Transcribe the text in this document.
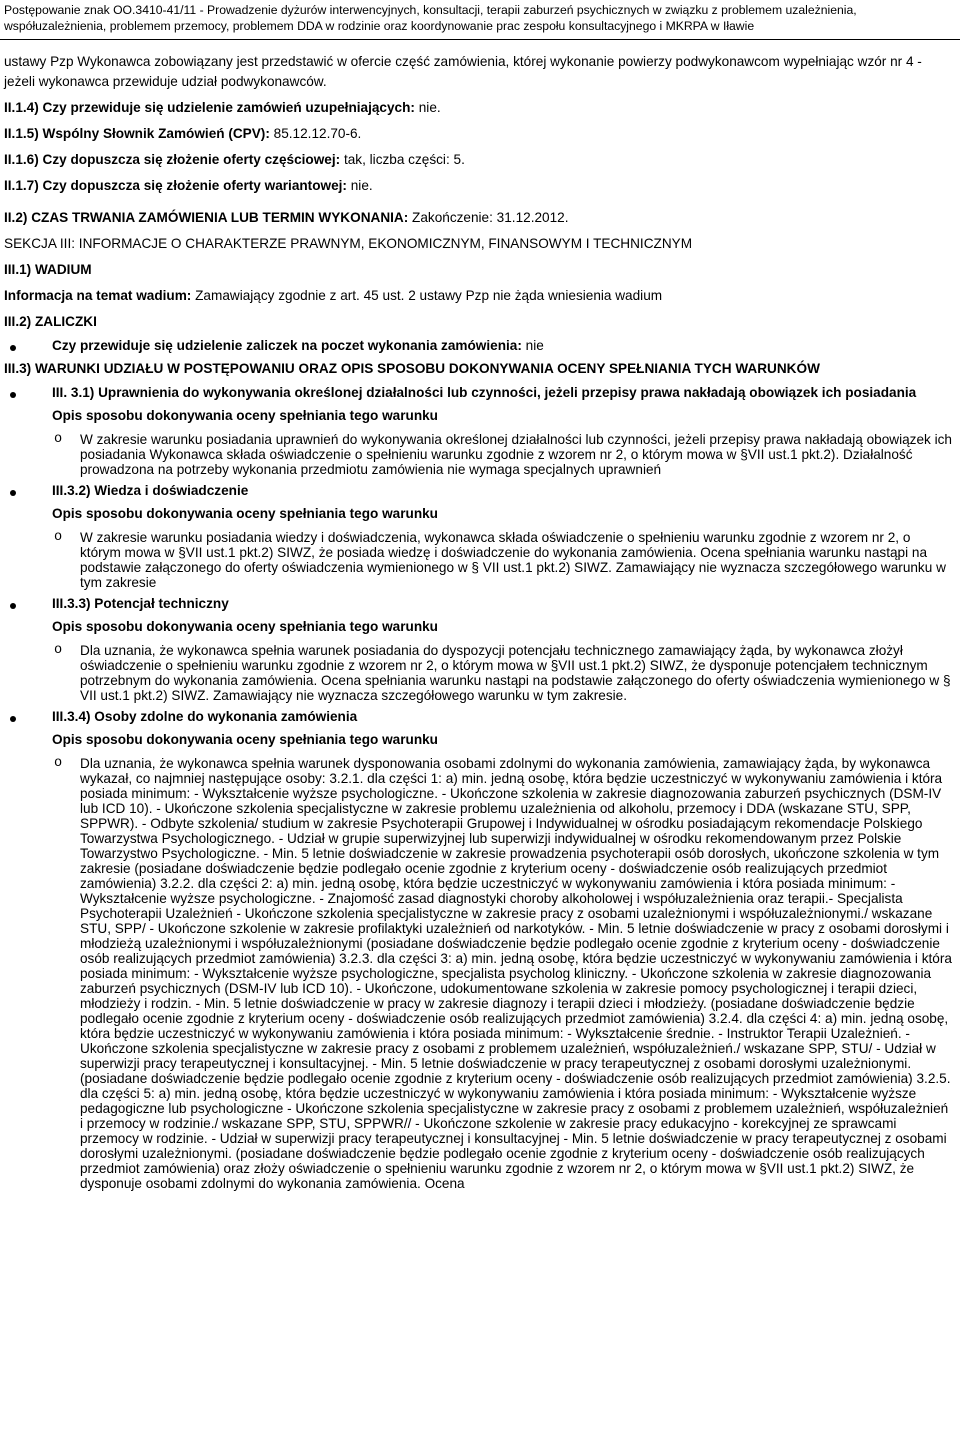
Postępowanie znak OO.3410-41/11 - Prowadzenie dyżurów interwencyjnych, konsultacji, terapii zaburzeń psychicznych w związku z problemem uzależnienia, współuzależnienia, problemem przemocy, problemem DDA w rodzinie oraz koordynowanie prac zespołu konsultacyjnego i MKRPA w Iławie

ustawy Pzp Wykonawca zobowiązany jest przedstawić w ofercie część zamówienia, której wykonanie powierzy podwykonawcom wypełniając wzór nr 4 - jeżeli wykonawca przewiduje udział podwykonawców.

II.1.4) Czy przewiduje się udzielenie zamówień uzupełniających: nie.

II.1.5) Wspólny Słownik Zamówień (CPV): 85.12.12.70-6.

II.1.6) Czy dopuszcza się złożenie oferty częściowej: tak, liczba części: 5.

II.1.7) Czy dopuszcza się złożenie oferty wariantowej: nie.

II.2) CZAS TRWANIA ZAMÓWIENIA LUB TERMIN WYKONANIA: Zakończenie: 31.12.2012.

SEKCJA III: INFORMACJE O CHARAKTERZE PRAWNYM, EKONOMICZNYM, FINANSOWYM I TECHNICZNYM

III.1) WADIUM

Informacja na temat wadium: Zamawiający zgodnie z art. 45 ust. 2 ustawy Pzp nie żąda wniesienia wadium

III.2) ZALICZKI

Czy przewiduje się udzielenie zaliczek na poczet wykonania zamówienia: nie

III.3) WARUNKI UDZIAŁU W POSTĘPOWANIU ORAZ OPIS SPOSOBU DOKONYWANIA OCENY SPEŁNIANIA TYCH WARUNKÓW

III. 3.1) Uprawnienia do wykonywania określonej działalności lub czynności, jeżeli przepisy prawa nakładają obowiązek ich posiadania

Opis sposobu dokonywania oceny spełniania tego warunku

o W zakresie warunku posiadania uprawnień do wykonywania określonej działalności lub czynności, jeżeli przepisy prawa nakładają obowiązek ich posiadania Wykonawca składa oświadczenie o spełnieniu warunku zgodnie z wzorem nr 2, o którym mowa w §VII ust.1 pkt.2). Działalność prowadzona na potrzeby wykonania przedmiotu zamówienia nie wymaga specjalnych uprawnień
III.3.2) Wiedza i doświadczenie

Opis sposobu dokonywania oceny spełniania tego warunku

o W zakresie warunku posiadania wiedzy i doświadczenia, wykonawca składa oświadczenie o spełnieniu warunku zgodnie z wzorem nr 2, o którym mowa w §VII ust.1 pkt.2) SIWZ, że posiada wiedzę i doświadczenie do wykonania zamówienia. Ocena spełniania warunku nastąpi na podstawie załączonego do oferty oświadczenia wymienionego w § VII ust.1 pkt.2) SIWZ. Zamawiający nie wyznacza szczegółowego warunku w tym zakresie
III.3.3) Potencjał techniczny

Opis sposobu dokonywania oceny spełniania tego warunku

o Dla uznania, że wykonawca spełnia warunek posiadania do dyspozycji potencjału technicznego zamawiający żąda, by wykonawca złożył oświadczenie o spełnieniu warunku zgodnie z wzorem nr 2, o którym mowa w §VII ust.1 pkt.2) SIWZ, że dysponuje potencjałem technicznym potrzebnym do wykonania zamówienia. Ocena spełniania warunku nastąpi na podstawie załączonego do oferty oświadczenia wymienionego w § VII ust.1 pkt.2) SIWZ. Zamawiający nie wyznacza szczegółowego warunku w tym zakresie.
III.3.4) Osoby zdolne do wykonania zamówienia

Opis sposobu dokonywania oceny spełniania tego warunku

o Dla uznania, że wykonawca spełnia warunek dysponowania osobami zdolnymi do wykonania zamówienia, zamawiający żąda, by wykonawca wykazał, co najmniej następujące osoby: 3.2.1. dla części 1: a) min. jedną osobę, która będzie uczestniczyć w wykonywaniu zamówienia i która posiada minimum: - Wykształcenie wyższe psychologiczne. - Ukończone szkolenia w zakresie diagnozowania zaburzeń psychicznych (DSM-IV lub ICD 10). - Ukończone szkolenia specjalistyczne w zakresie problemu uzależnienia od alkoholu, przemocy i DDA (wskazane STU, SPP, SPPWR). - Odbyte szkolenia/ studium w zakresie Psychoterapii Grupowej i Indywidualnej w ośrodku posiadającym rekomendacje Polskiego Towarzystwa Psychologicznego. - Udział w grupie superwizyjnej lub superwizji indywidualnej w ośrodku rekomendowanym przez Polskie Towarzystwo Psychologiczne. - Min. 5 letnie doświadczenie w zakresie prowadzenia psychoterapii osób dorosłych, ukończone szkolenia w tym zakresie (posiadane doświadczenie będzie podlegało ocenie zgodnie z kryterium oceny - doświadczenie osób realizujących przedmiot zamówienia) 3.2.2. dla części 2: a) min. jedną osobę, która będzie uczestniczyć w wykonywaniu zamówienia i która posiada minimum: - Wykształcenie wyższe psychologiczne. - Znajomość zasad diagnostyki choroby alkoholowej i współuzależnienia oraz terapii.- Specjalista Psychoterapii Uzależnień - Ukończone szkolenia specjalistyczne w zakresie pracy z osobami uzależnionymi i współuzależnionymi./ wskazane STU, SPP/ - Ukończone szkolenie w zakresie profilaktyki uzależnień od narkotyków. - Min. 5 letnie doświadczenie w pracy z osobami dorosłymi i młodzieżą uzależnionymi i współuzależnionymi (posiadane doświadczenie będzie podlegało ocenie zgodnie z kryterium oceny - doświadczenie osób realizujących przedmiot zamówienia) 3.2.3. dla części 3: a) min. jedną osobę, która będzie uczestniczyć w wykonywaniu zamówienia i która posiada minimum: - Wykształcenie wyższe psychologiczne, specjalista psycholog kliniczny. - Ukończone szkolenia w zakresie diagnozowania zaburzeń psychicznych (DSM-IV lub ICD 10). - Ukończone, udokumentowane szkolenia w zakresie pomocy psychologicznej i terapii dzieci, młodzieży i rodzin. - Min. 5 letnie doświadczenie w pracy w zakresie diagnozy i terapii dzieci i młodzieży. (posiadane doświadczenie będzie podlegało ocenie zgodnie z kryterium oceny - doświadczenie osób realizujących przedmiot zamówienia) 3.2.4. dla części 4: a) min. jedną osobę, która będzie uczestniczyć w wykonywaniu zamówienia i która posiada minimum: - Wykształcenie średnie. - Instruktor Terapii Uzależnień. - Ukończone szkolenia specjalistyczne w zakresie pracy z osobami z problemem uzależnień, współuzależnień./ wskazane SPP, STU/ - Udział w superwizji pracy terapeutycznej i konsultacyjnej. - Min. 5 letnie doświadczenie w pracy terapeutycznej z osobami dorosłymi uzależnionymi. (posiadane doświadczenie będzie podlegało ocenie zgodnie z kryterium oceny - doświadczenie osób realizujących przedmiot zamówienia) 3.2.5. dla części 5: a) min. jedną osobę, która będzie uczestniczyć w wykonywaniu zamówienia i która posiada minimum: - Wykształcenie wyższe pedagogiczne lub psychologiczne - Ukończone szkolenia specjalistyczne w zakresie pracy z osobami z problemem uzależnień, współuzależnień i przemocy w rodzinie./ wskazane SPP, STU, SPPWR// - Ukończone szkolenie w zakresie pracy edukacyjno - korekcyjnej ze sprawcami przemocy w rodzinie. - Udział w superwizji pracy terapeutycznej i konsultacyjnej - Min. 5 letnie doświadczenie w pracy terapeutycznej z osobami dorosłymi uzależnionymi. (posiadane doświadczenie będzie podlegało ocenie zgodnie z kryterium oceny - doświadczenie osób realizujących przedmiot zamówienia) oraz złoży oświadczenie o spełnieniu warunku zgodnie z wzorem nr 2, o którym mowa w §VII ust.1 pkt.2) SIWZ, że dysponuje osobami zdolnymi do wykonania zamówienia. Ocena
